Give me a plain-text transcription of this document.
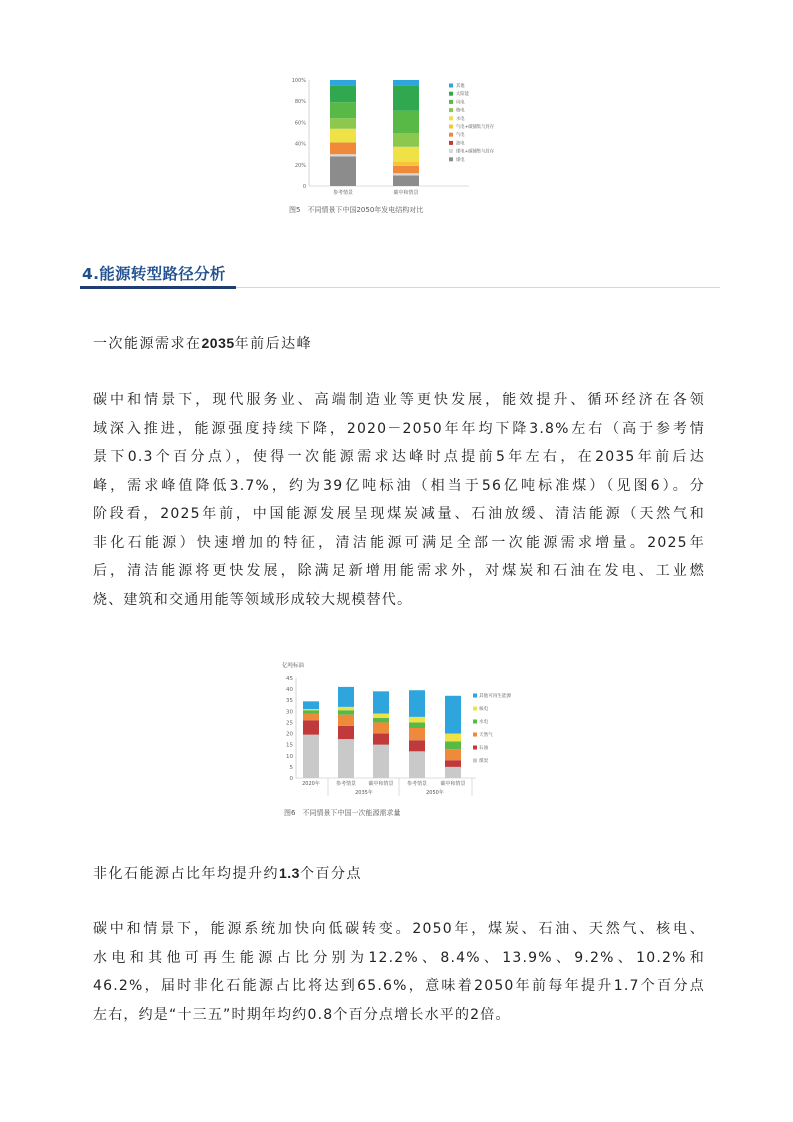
图5　不同情景下中国2050年发电结构对比
100%
80%
60%
40%
20%
0
参考情景	碳中和情景
其他
太阳能
风电
核电
水电
气电+碳捕集与封存
气电
油电
煤电+碳捕集与封存
煤电
4.能源转型路径分析
一次能源需求在2035年前后达峰
碳中和情景下，现代服务业、高端制造业等更快发展，能效提升、循环经济在各领
域深入推进，能源强度持续下降，2020－2050年年均下降3.8%左右（高于参考情
景下0.3个百分点），使得一次能源需求达峰时点提前5年左右，在2035年前后达
峰，需求峰值降低3.7%，约为39亿吨标油（相当于56亿吨标准煤）（见图6）。分
阶段看，2025年前，中国能源发展呈现煤炭减量、石油放缓、清洁能源（天然气和
非化石能源）快速增加的特征，清洁能源可满足全部一次能源需求增量。2025年
后，清洁能源将更快发展，除满足新增用能需求外，对煤炭和石油在发电、工业燃
烧、建筑和交通用能等领域形成较大规模替代。
图6　不同情景下中国一次能源需求量
亿吨标油
45
40
35
30
25
20
15
10
5
0
2020年	参考情景 碳中和情景	参考情景	碳中和情景
2035年	2050年
其他可再生能源
核电
水电
天然气
石油
煤炭
非化石能源占比年均提升约1.3个百分点
碳中和情景下，能源系统加快向低碳转变。2050年，煤炭、石油、天然气、核电、
水电和其他可再生能源占比分别为12.2%、8.4%、13.9%、9.2%、10.2%和
46.2%，届时非化石能源占比将达到65.6%，意味着2050年前每年提升1.7个百分点
左右，约是“十三五”时期年均约0.8个百分点增长水平的2倍。
